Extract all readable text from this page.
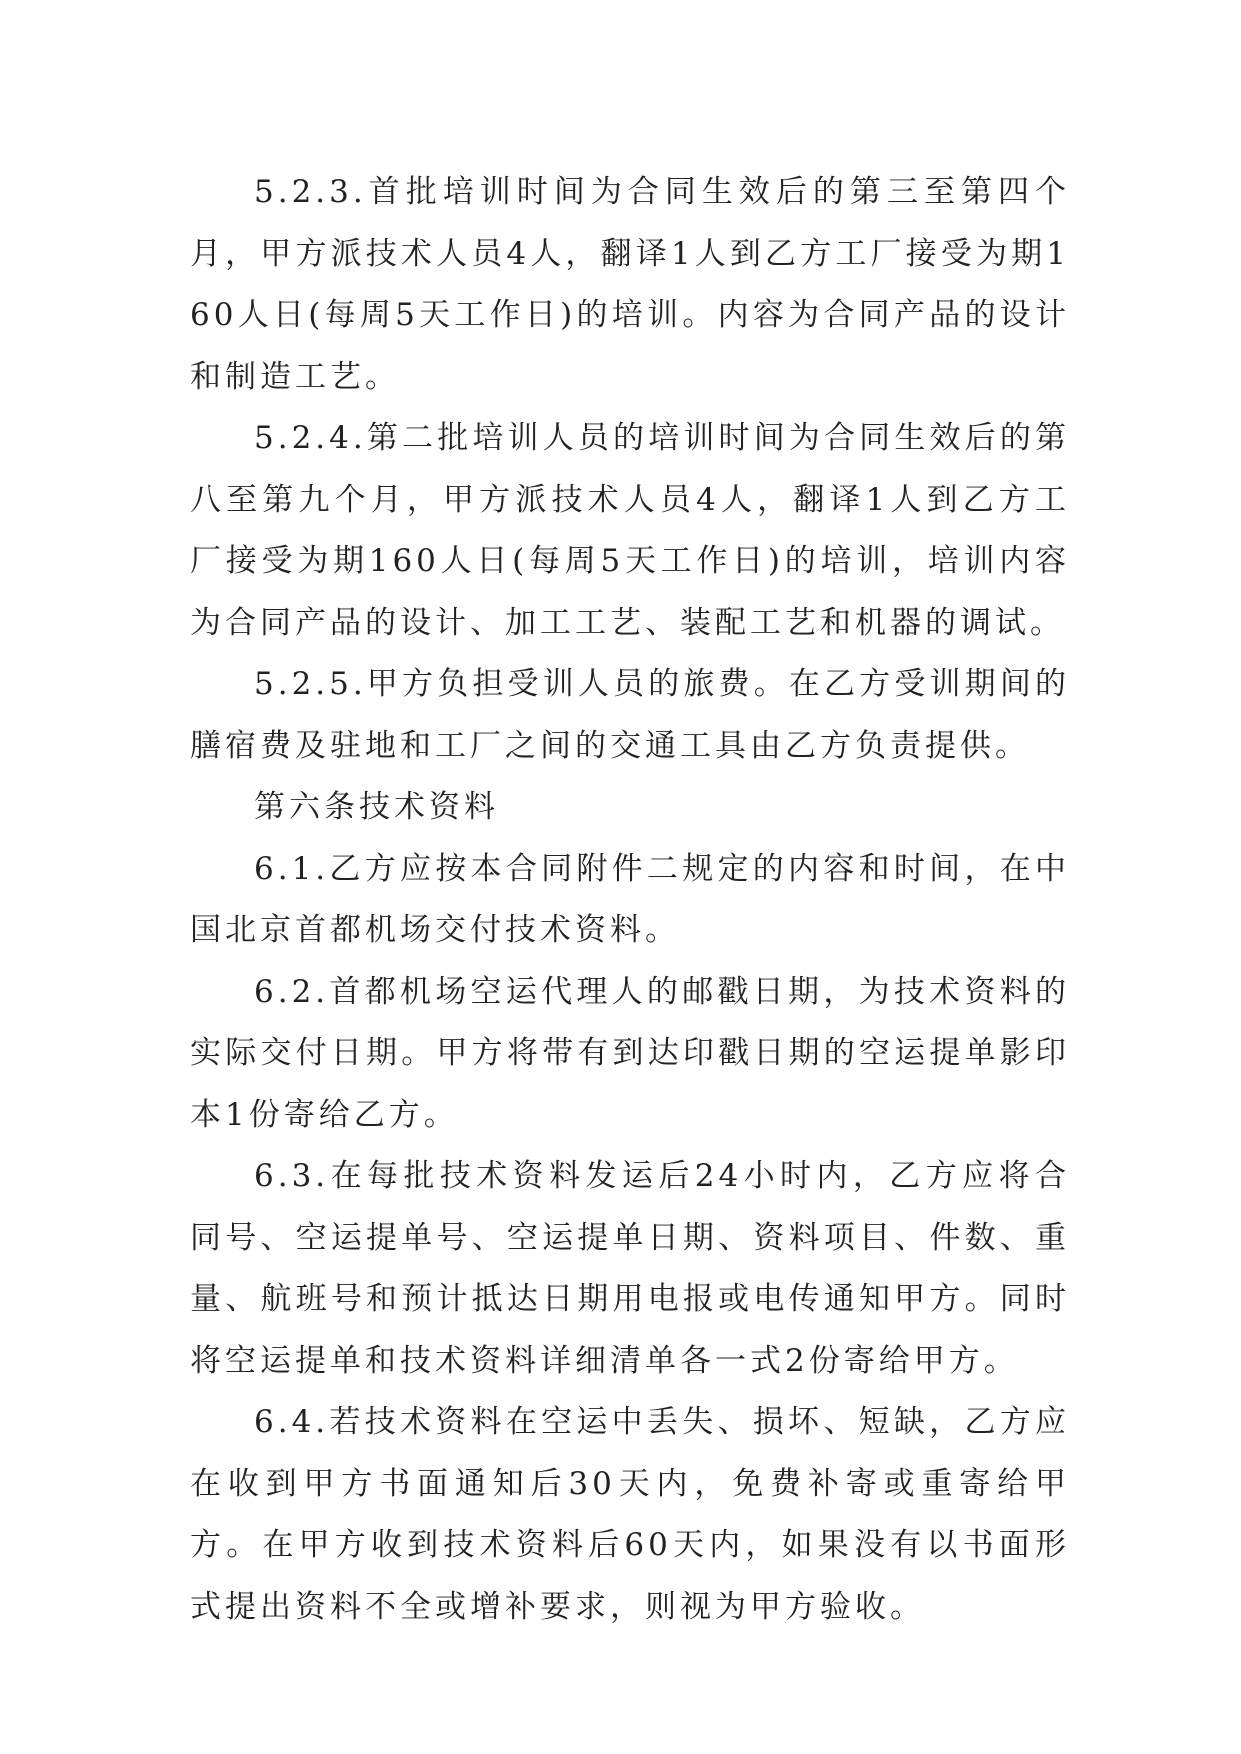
5.2.3.首批培训时间为合同生效后的第三至第四个月，甲方派技术人员4人，翻译1人到乙方工厂接受为期160人日(每周5天工作日)的培训。内容为合同产品的设计和制造工艺。

5.2.4.第二批培训人员的培训时间为合同生效后的第八至第九个月，甲方派技术人员4人，翻译1人到乙方工厂接受为期160人日(每周5天工作日)的培训，培训内容为合同产品的设计、加工工艺、装配工艺和机器的调试。

5.2.5.甲方负担受训人员的旅费。在乙方受训期间的膳宿费及驻地和工厂之间的交通工具由乙方负责提供。

第六条技术资料

6.1.乙方应按本合同附件二规定的内容和时间，在中国北京首都机场交付技术资料。

6.2.首都机场空运代理人的邮戳日期，为技术资料的实际交付日期。甲方将带有到达印戳日期的空运提单影印本1份寄给乙方。

6.3.在每批技术资料发运后24小时内，乙方应将合同号、空运提单号、空运提单日期、资料项目、件数、重量、航班号和预计抵达日期用电报或电传通知甲方。同时将空运提单和技术资料详细清单各一式2份寄给甲方。

6.4.若技术资料在空运中丢失、损坏、短缺，乙方应在收到甲方书面通知后30天内，免费补寄或重寄给甲方。在甲方收到技术资料后60天内，如果没有以书面形式提出资料不全或增补要求，则视为甲方验收。
